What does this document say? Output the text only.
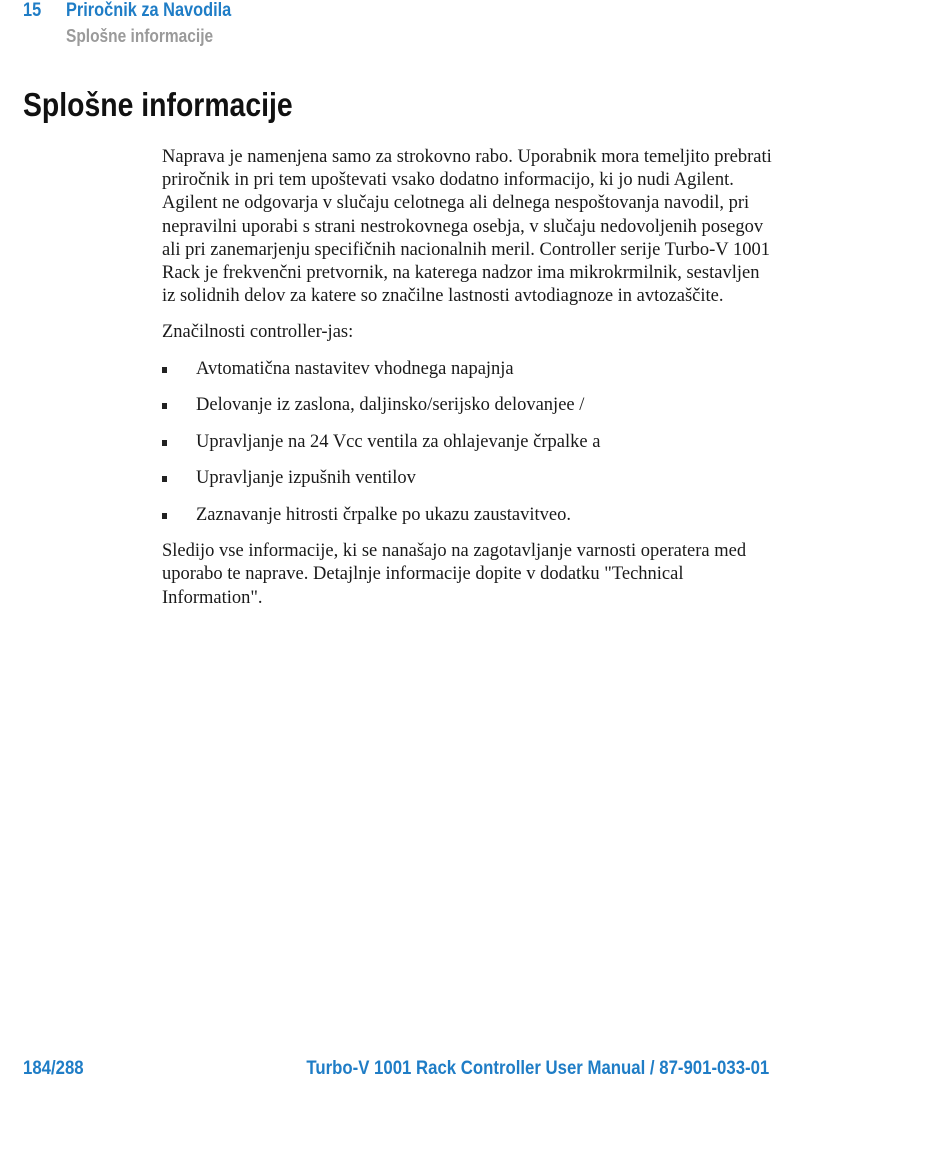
15	Priročnik za Navodila
Splošne informacije
Splošne informacije

Naprava je namenjena samo za strokovno rabo. Uporabnik mora temeljito prebrati priročnik in pri tem upoštevati vsako dodatno informacijo, ki jo nudi Agilent. Agilent ne odgovarja v slučaju celotnega ali delnega nespoštovanja navodil, pri nepravilni uporabi s strani nestrokovnega osebja, v slučaju nedovoljenih posegov ali pri zanemarjenju specifičnih nacionalnih meril. Controller serije Turbo-V 1001 Rack je frekvenčni pretvornik, na katerega nadzor ima mikrokrmilnik, sestavljen iz solidnih delov za katere so značilne lastnosti avtodiagnoze in avtozaščite.

Značilnosti controller-jas:

Avtomatična nastavitev vhodnega napajnja
Delovanje iz zaslona, daljinsko/serijsko delovanjee /
Upravljanje na 24 Vcc ventila za ohlajevanje črpalke a
Upravljanje izpušnih ventilov
Zaznavanje hitrosti črpalke po ukazu zaustavitveo.

Sledijo vse informacije, ki se nanašajo na zagotavljanje varnosti operatera med uporabo te naprave. Detajlnje informacije dopite v dodatku "Technical Information".

184/288	Turbo-V 1001 Rack Controller User Manual / 87-901-033-01
